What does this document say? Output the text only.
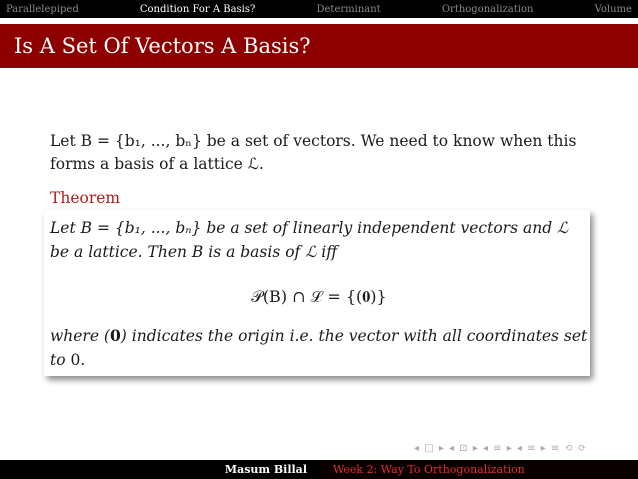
Parallelepiped	Condition For A Basis?	Determinant	Orthogonalization	Volume
Is A Set Of Vectors A Basis?
Let B = {b₁, ..., bₙ} be a set of vectors. We need to know when this forms a basis of a lattice ℒ.
Theorem
Let B = {b₁, ..., bₙ} be a set of linearly independent vectors and ℒ be a lattice. Then B is a basis of ℒ iff
𝒫(B) ∩ ℒ = {(𝟎)}
where (𝟎) indicates the origin i.e. the vector with all coordinates set to 0.
◂ □ ▸ ◂ ⊡ ▸ ◂ ≡ ▸ ◂ ≡ ▸ ≡ ⟲ ⟳
Masum Billal	Week 2: Way To Orthogonalization
